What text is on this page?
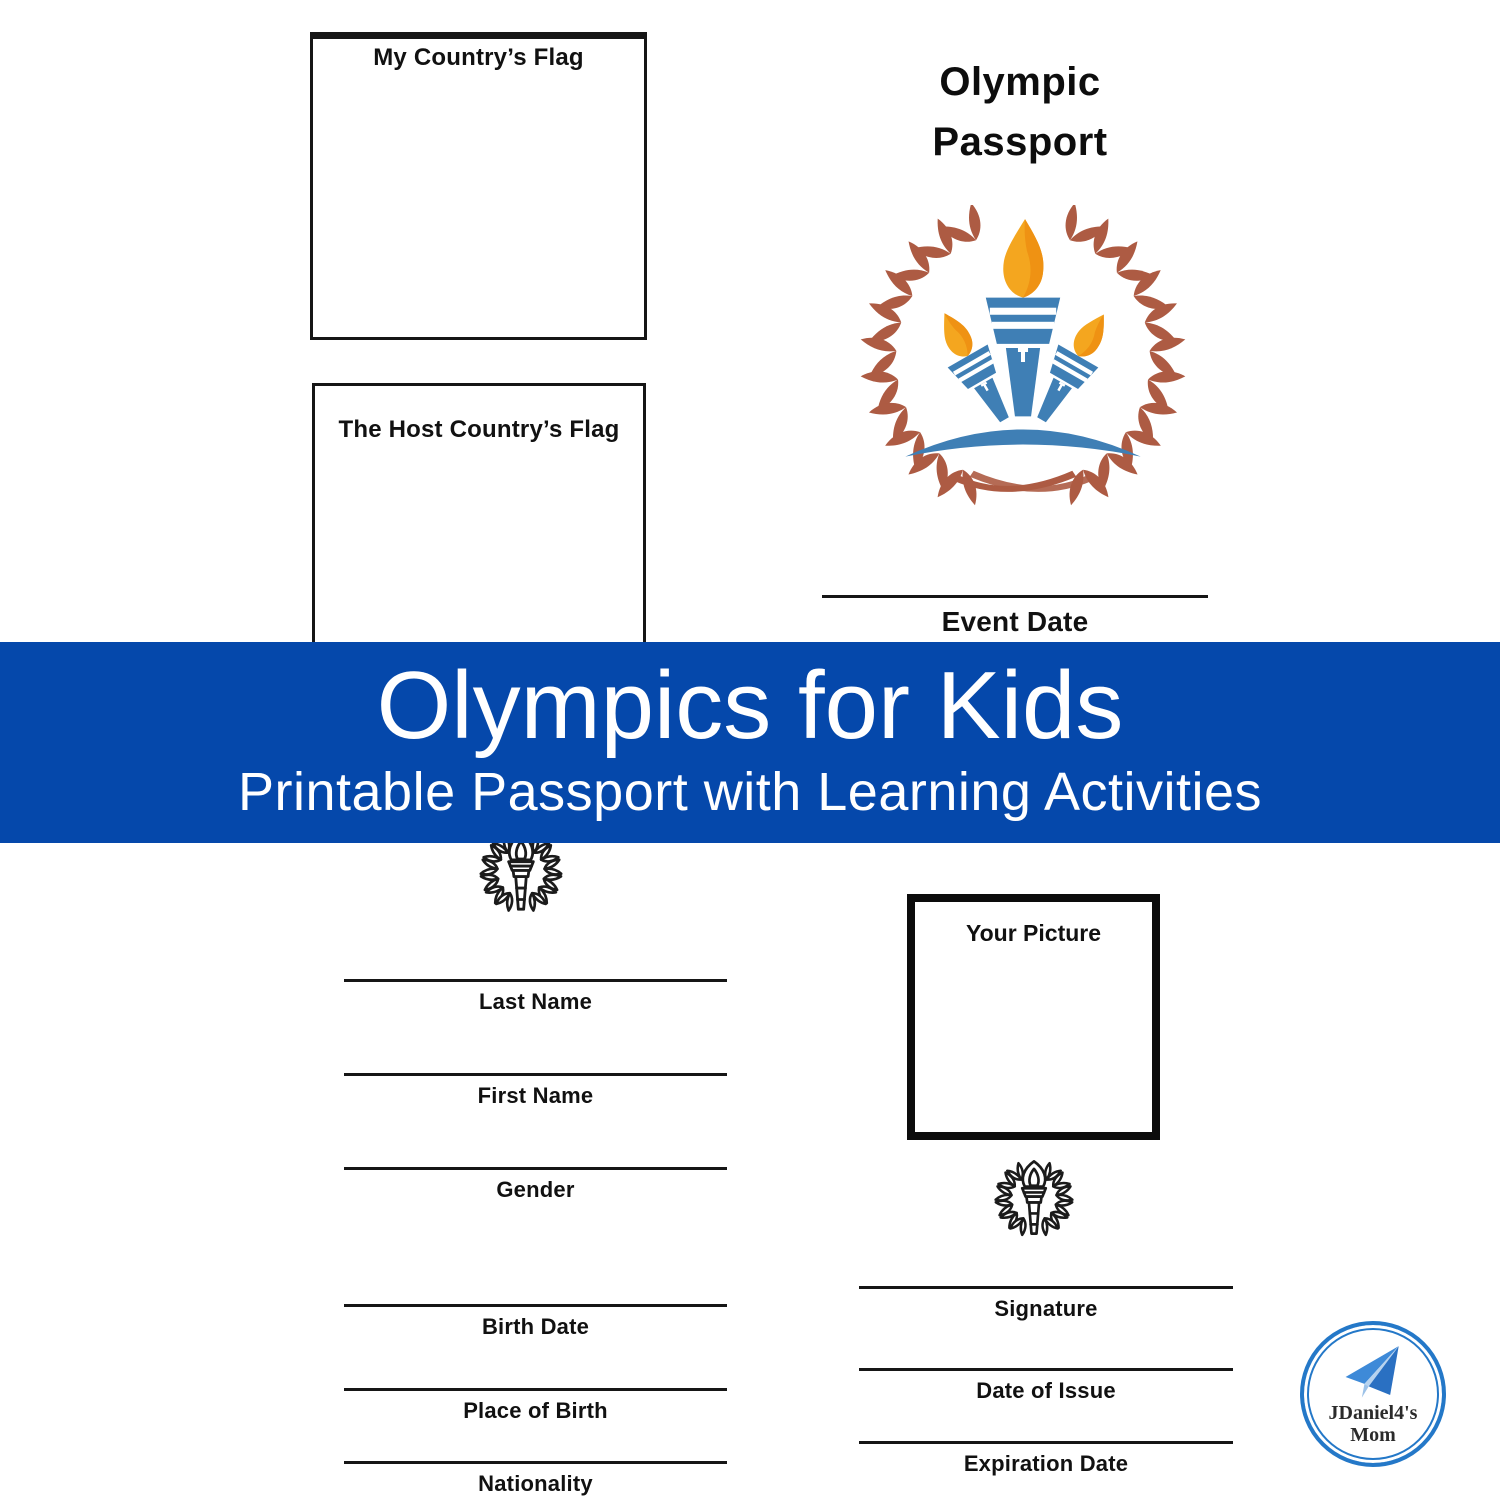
My Country’s Flag
The Host Country’s Flag
Olympic
Passport
Event Date
Olympics for Kids
Printable Passport with Learning Activities
Last Name
First Name
Gender
Birth Date
Place of Birth
Nationality
Your Picture
Signature
Date of Issue
Expiration Date
JDaniel4's
Mom
